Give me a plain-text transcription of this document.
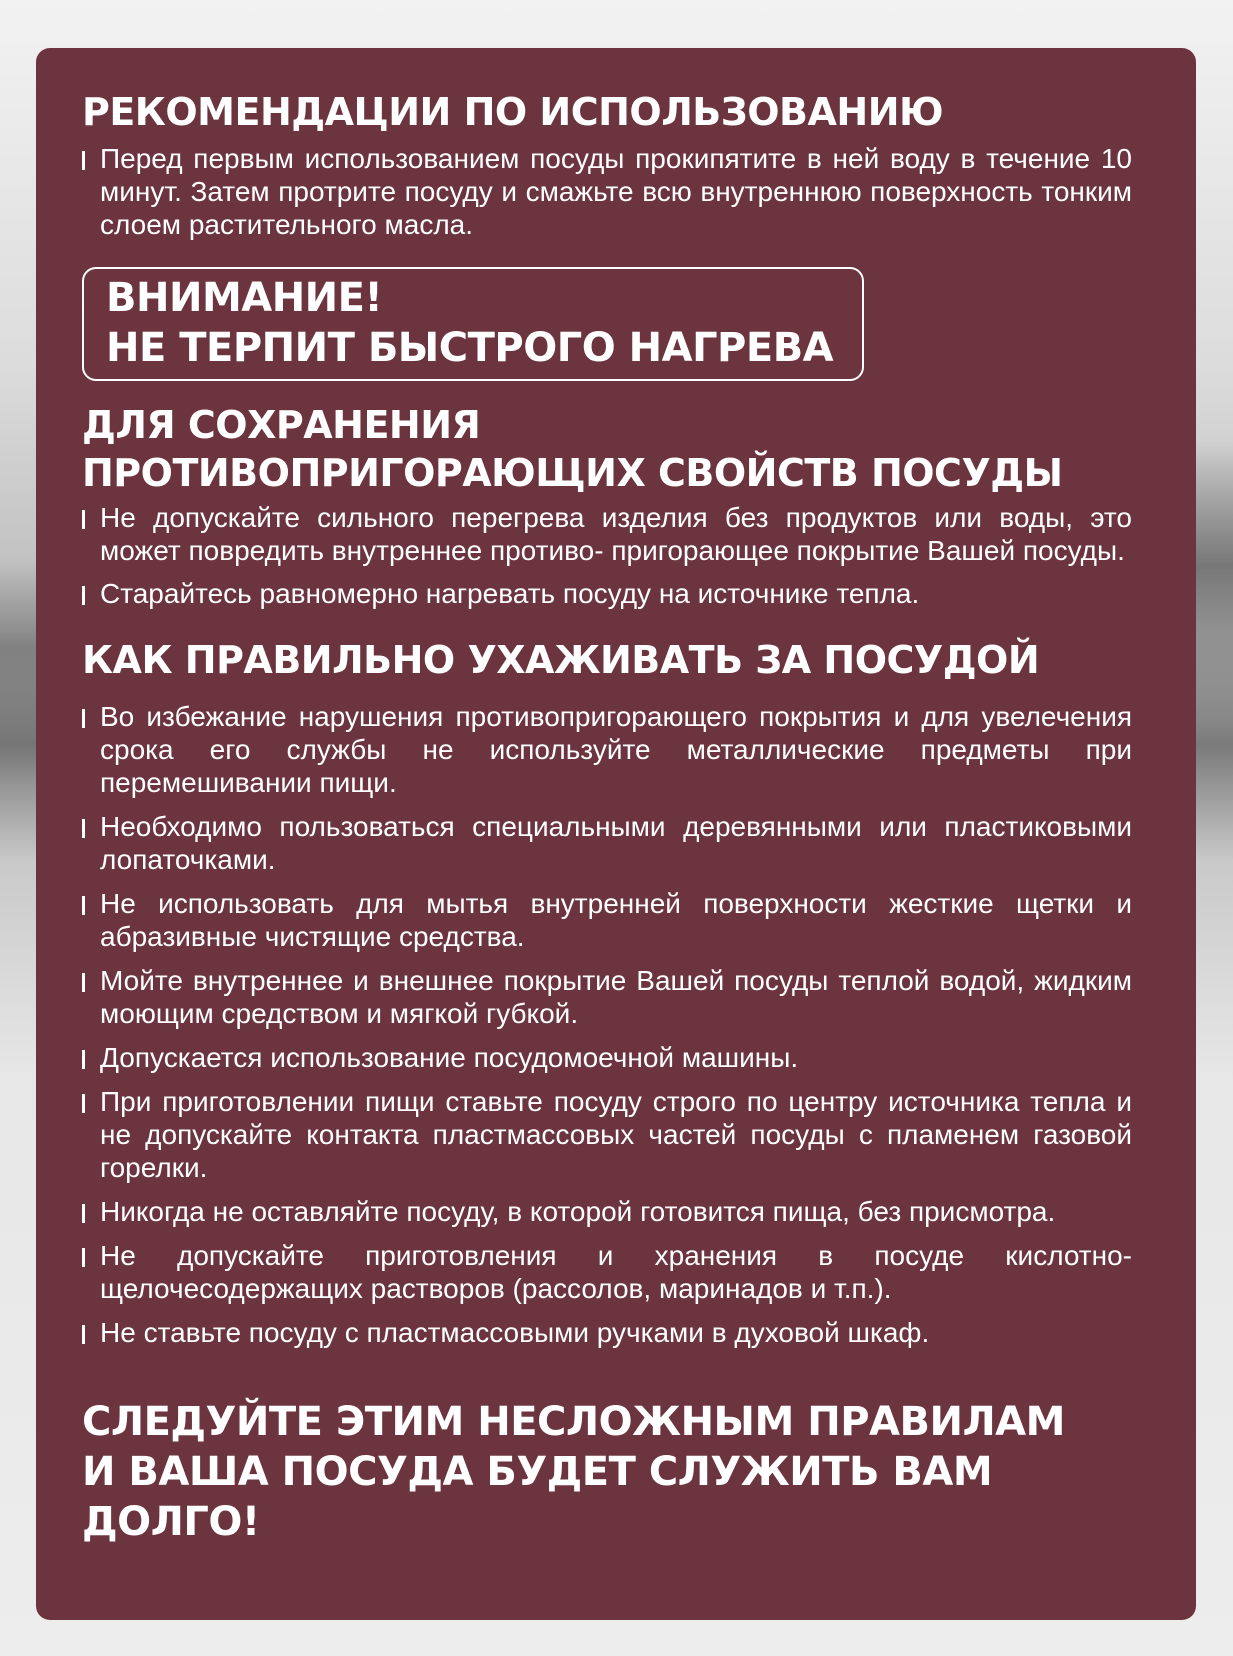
РЕКОМЕНДАЦИИ ПО ИСПОЛЬЗОВАНИЮ

Перед первым использованием посуды прокипятите в ней воду в течение 10 минут. Затем протрите посуду и смажьте всю внутреннюю поверхность тонким слоем растительного масла.

ВНИМАНИЕ!
НЕ ТЕРПИТ БЫСТРОГО НАГРЕВА
ДЛЯ СОХРАНЕНИЯ
ПРОТИВОПРИГОРАЮЩИХ СВОЙСТВ ПОСУДЫ

Не допускайте сильного перегрева изделия без продуктов или воды, это может повредить внутреннее противо- пригорающее покрытие Вашей посуды.

Старайтесь равномерно нагревать посуду на источнике тепла.

КАК ПРАВИЛЬНО УХАЖИВАТЬ ЗА ПОСУДОЙ

Во избежание нарушения противопригорающего покрытия и для увелечения срока его службы не используйте металлические предметы при перемешивании пищи.

Необходимо пользоваться специальными деревянными или пластиковыми лопаточками.

Не использовать для мытья внутренней поверхности жесткие щетки и абразивные чистящие средства.

Мойте внутреннее и внешнее покрытие Вашей посуды теплой водой, жидким моющим средством и мягкой губкой.

Допускается использование посудомоечной машины.

При приготовлении пищи ставьте посуду строго по центру источника тепла и не допускайте контакта пластмассовых частей посуды с пламенем газовой горелки.

Никогда не оставляйте посуду, в которой готовится пища, без присмотра.

Не допускайте приготовления и хранения в посуде кислотно- щелочесодержащих растворов (рассолов, маринадов и т.п.).

Не ставьте посуду с пластмассовыми ручками в духовой шкаф.

СЛЕДУЙТЕ ЭТИМ НЕСЛОЖНЫМ ПРАВИЛАМ
И ВАША ПОСУДА БУДЕТ СЛУЖИТЬ ВАМ ДОЛГО!
